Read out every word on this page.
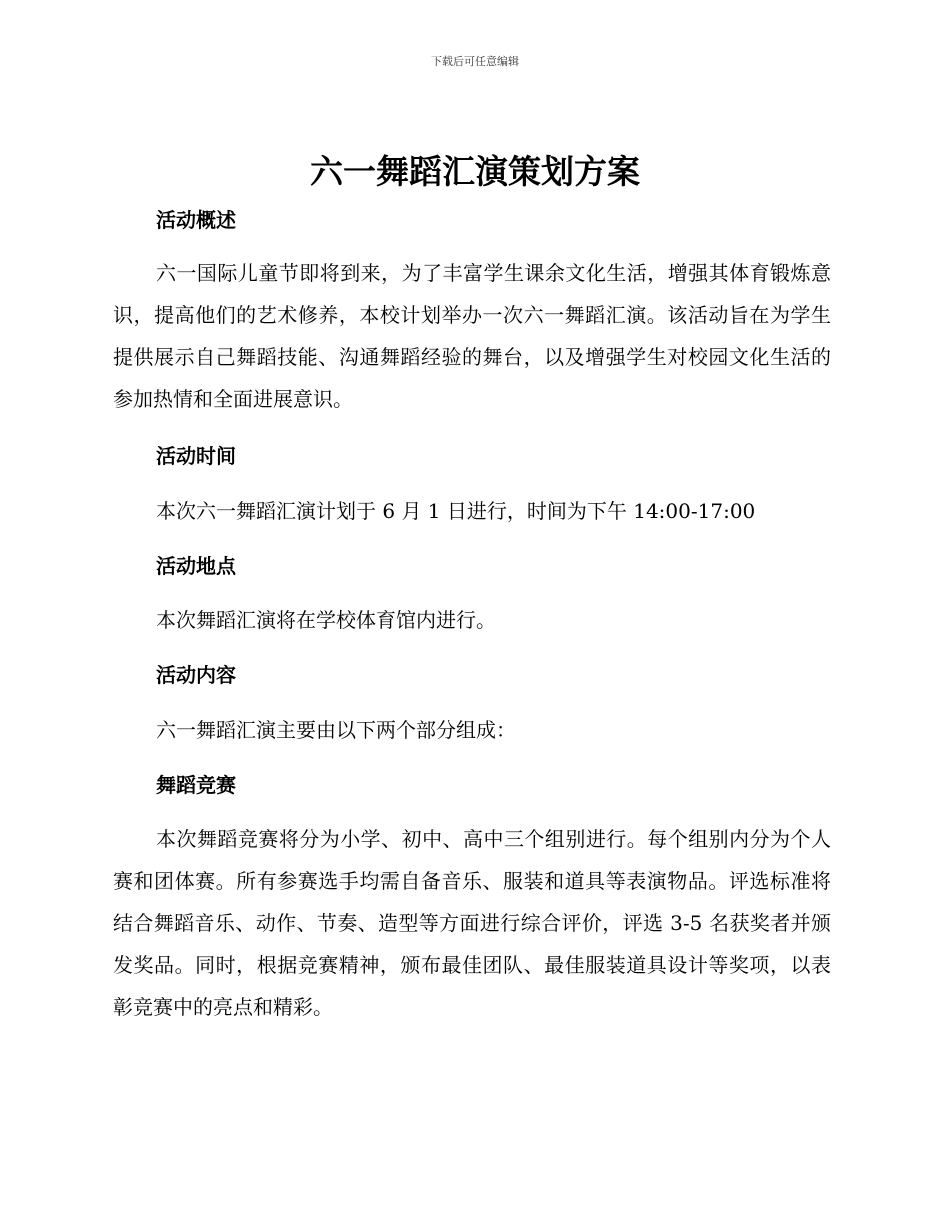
下载后可任意编辑
六一舞蹈汇演策划方案
活动概述

六一国际儿童节即将到来，为了丰富学生课余文化生活，增强其体育锻炼意识，提高他们的艺术修养，本校计划举办一次六一舞蹈汇演。该活动旨在为学生提供展示自己舞蹈技能、沟通舞蹈经验的舞台，以及增强学生对校园文化生活的参加热情和全面进展意识。

活动时间

本次六一舞蹈汇演计划于 6 月 1 日进行，时间为下午 14:00-17:00

活动地点

本次舞蹈汇演将在学校体育馆内进行。

活动内容

六一舞蹈汇演主要由以下两个部分组成：

舞蹈竞赛

本次舞蹈竞赛将分为小学、初中、高中三个组别进行。每个组别内分为个人赛和团体赛。所有参赛选手均需自备音乐、服装和道具等表演物品。评选标准将结合舞蹈音乐、动作、节奏、造型等方面进行综合评价，评选 3-5 名获奖者并颁发奖品。同时，根据竞赛精神，颁布最佳团队、最佳服装道具设计等奖项，以表彰竞赛中的亮点和精彩。
